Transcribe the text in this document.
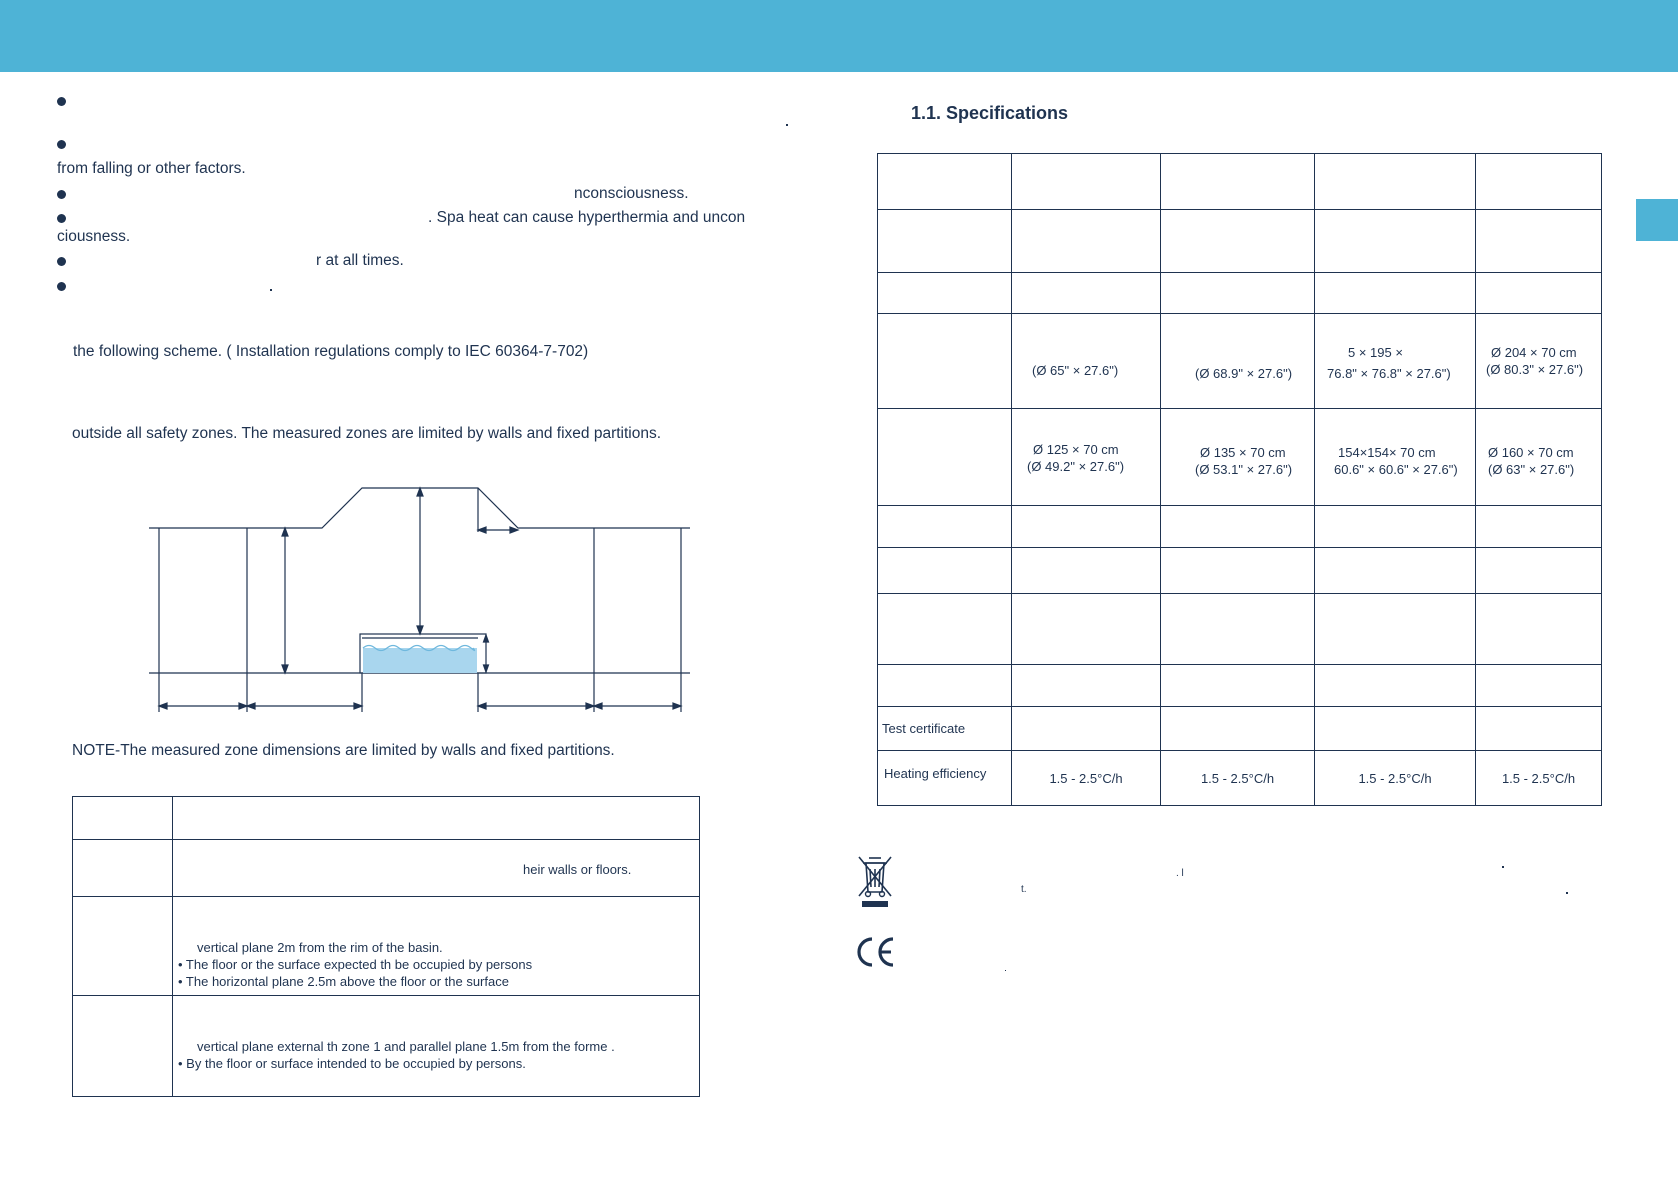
from falling or other factors.
nconsciousness.
. Spa heat can cause hyperthermia and uncon
ciousness.
r at all times.
the following scheme. ( Installation regulations comply to IEC 60364-7-702)
outside all safety zones. The measured zones are limited by walls and fixed partitions.
NOTE-The measured zone dimensions are limited by walls and fixed partitions.

	heir walls or floors.

	vertical plane 2m from the rim of the basin.
• The floor or the surface expected th be occupied by persons
• The horizontal plane 2.5m above the floor or the surface

	vertical plane external th zone 1 and parallel plane 1.5m from the forme .
• By the floor or surface intended to be occupied by persons.
1.1. Specifications

	(Ø 65" × 27.6")	(Ø 68.9" × 27.6")	5 × 195 ×
76.8" × 76.8" × 27.6")	Ø 204 × 70 cm
(Ø 80.3" × 27.6")

	Ø 125 × 70 cm
(Ø 49.2" × 27.6")	Ø 135 × 70 cm
(Ø 53.1" × 27.6")	154×154× 70 cm
60.6" × 60.6" × 27.6")	Ø 160 × 70 cm
(Ø 63" × 27.6")

Test certificate				
Heating efficiency	1.5 - 2.5°C/h	1.5 - 2.5°C/h	1.5 - 2.5°C/h	1.5 - 2.5°C/h
. l
t.
